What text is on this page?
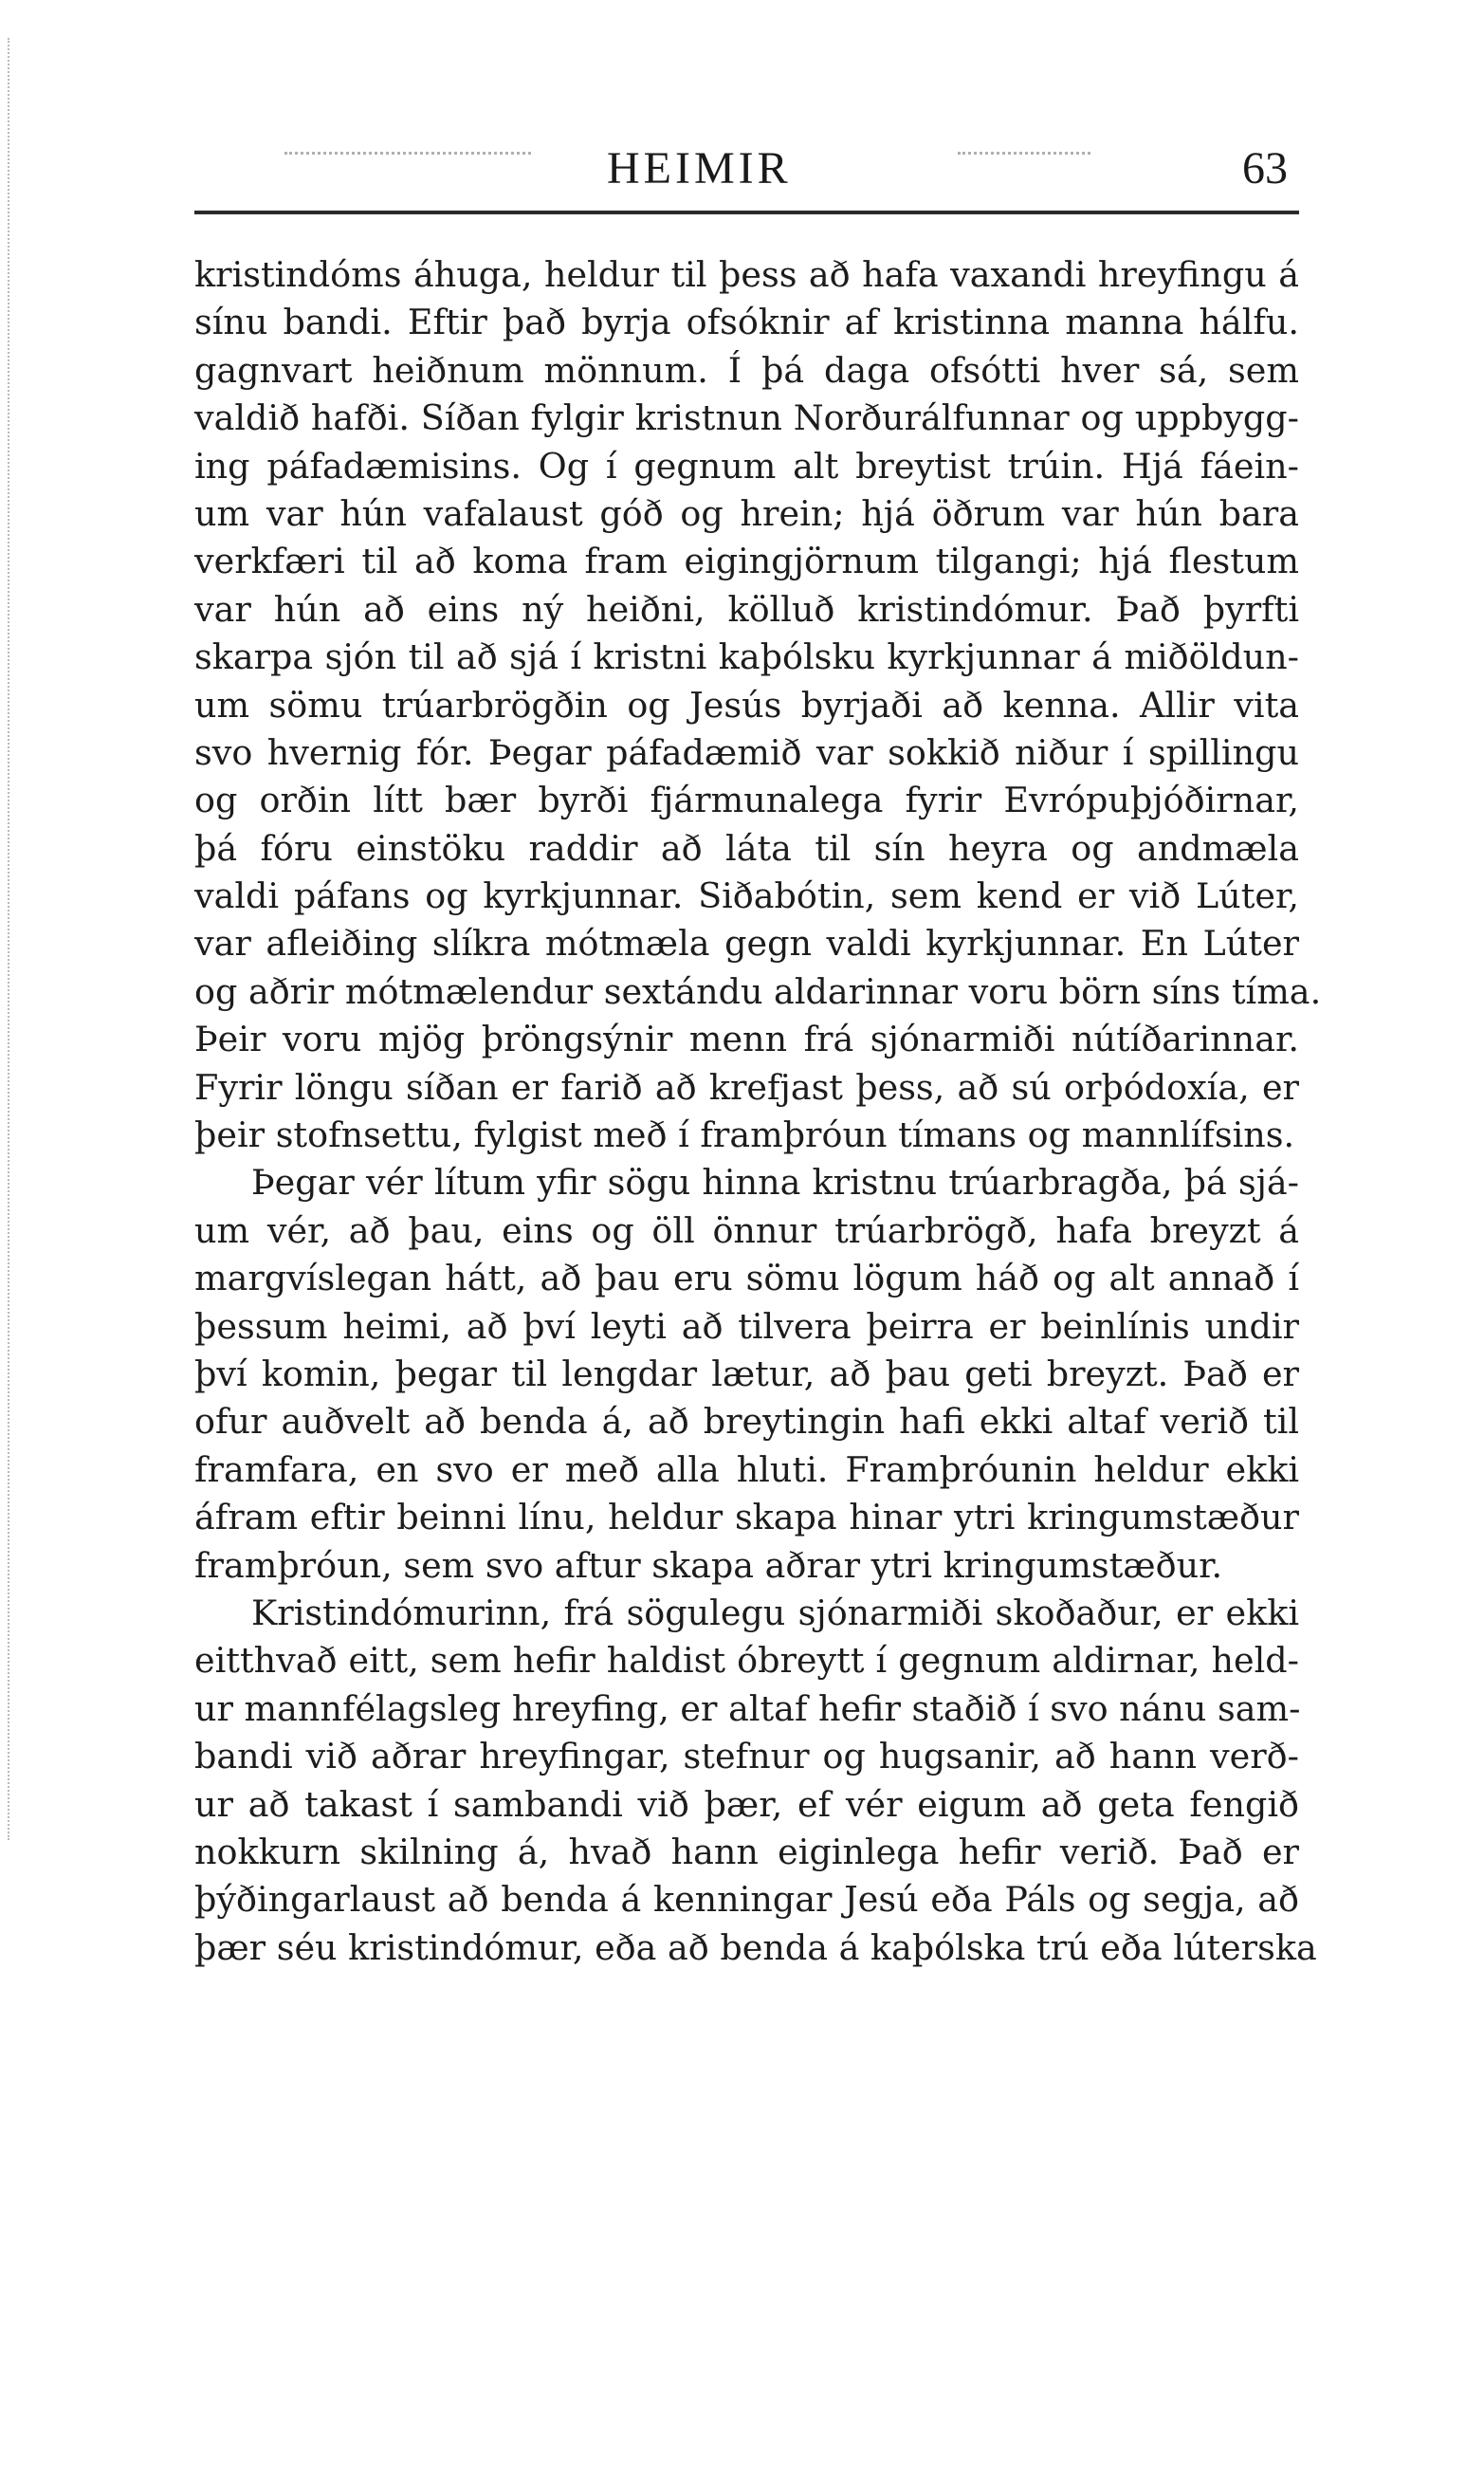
HEIMIR	63
kristindóms áhuga, heldur til þess að hafa vaxandi hreyfingu á
sínu bandi. Eftir það byrja ofsóknir af kristinna manna hálfu.
gagnvart heiðnum mönnum. Í þá daga ofsótti hver sá, sem
valdið hafði. Síðan fylgir kristnun Norðurálfunnar og uppbygg-
ing páfadæmisins. Og í gegnum alt breytist trúin. Hjá fáein-
um var hún vafalaust góð og hrein; hjá öðrum var hún bara
verkfæri til að koma fram eigingjörnum tilgangi; hjá flestum
var hún að eins ný heiðni, kölluð kristindómur. Það þyrfti
skarpa sjón til að sjá í kristni kaþólsku kyrkjunnar á miðöldun-
um sömu trúarbrögðin og Jesús byrjaði að kenna. Allir vita
svo hvernig fór. Þegar páfadæmið var sokkið niður í spillingu
og orðin lítt bær byrði fjármunalega fyrir Evrópuþjóðirnar,
þá fóru einstöku raddir að láta til sín heyra og andmæla
valdi páfans og kyrkjunnar. Siðabótin, sem kend er við Lúter,
var afleiðing slíkra mótmæla gegn valdi kyrkjunnar. En Lúter
og aðrir mótmælendur sextándu aldarinnar voru börn síns tíma.
Þeir voru mjög þröngsýnir menn frá sjónarmiði nútíðarinnar.
Fyrir löngu síðan er farið að krefjast þess, að sú orþódoxía, er
þeir stofnsettu, fylgist með í framþróun tímans og mannlífsins.
Þegar vér lítum yfir sögu hinna kristnu trúarbragða, þá sjá-
um vér, að þau, eins og öll önnur trúarbrögð, hafa breyzt á
margvíslegan hátt, að þau eru sömu lögum háð og alt annað í
þessum heimi, að því leyti að tilvera þeirra er beinlínis undir
því komin, þegar til lengdar lætur, að þau geti breyzt. Það er
ofur auðvelt að benda á, að breytingin hafi ekki altaf verið til
framfara, en svo er með alla hluti. Framþróunin heldur ekki
áfram eftir beinni línu, heldur skapa hinar ytri kringumstæður
framþróun, sem svo aftur skapa aðrar ytri kringumstæður.
Kristindómurinn, frá sögulegu sjónarmiði skoðaður, er ekki
eitthvað eitt, sem hefir haldist óbreytt í gegnum aldirnar, held-
ur mannfélagsleg hreyfing, er altaf hefir staðið í svo nánu sam-
bandi við aðrar hreyfingar, stefnur og hugsanir, að hann verð-
ur að takast í sambandi við þær, ef vér eigum að geta fengið
nokkurn skilning á, hvað hann eiginlega hefir verið. Það er
þýðingarlaust að benda á kenningar Jesú eða Páls og segja, að
þær séu kristindómur, eða að benda á kaþólska trú eða lúterska
